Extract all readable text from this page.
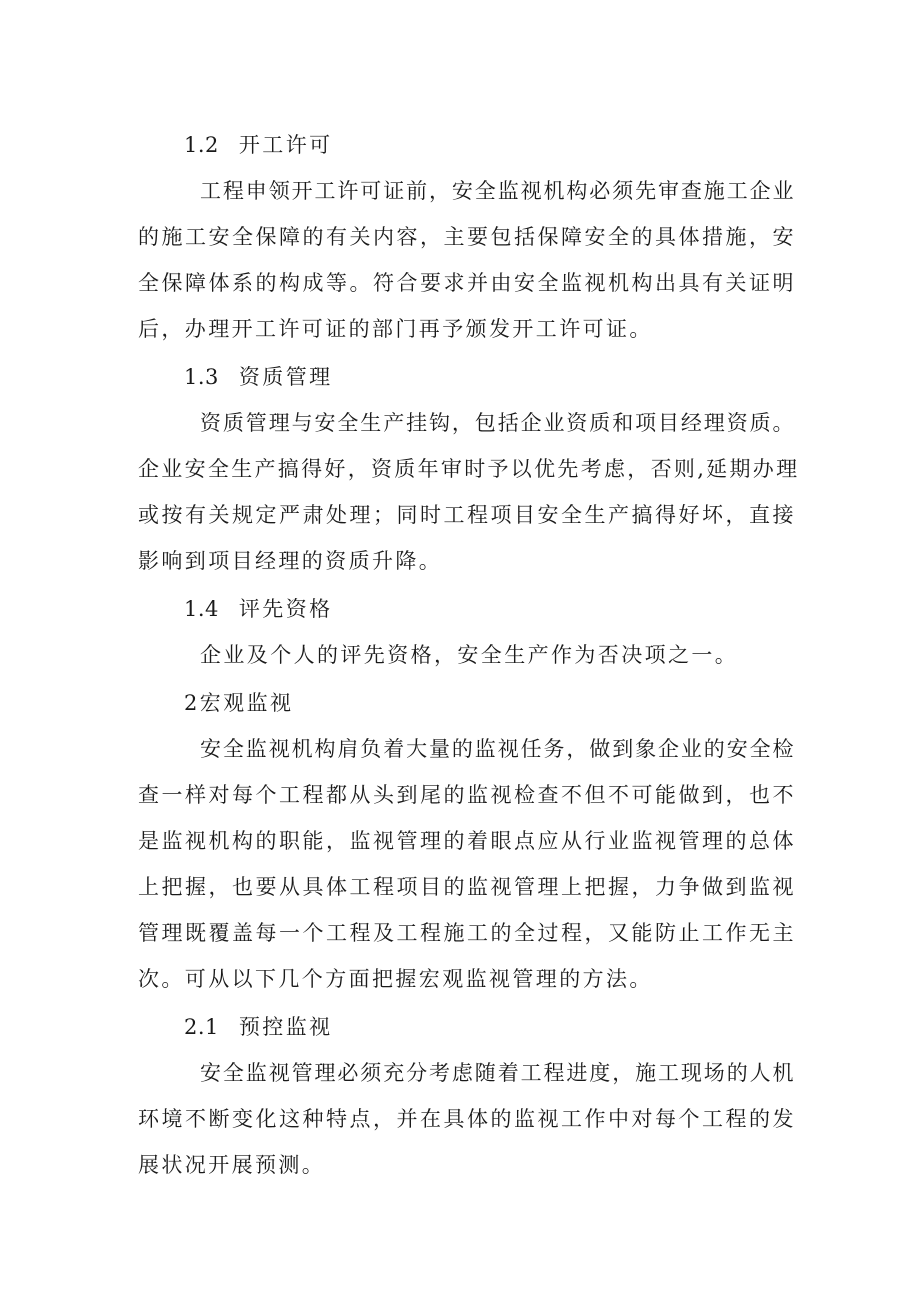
1.2 开工许可
工程申领开工许可证前，安全监视机构必须先审查施工企业
的施工安全保障的有关内容，主要包括保障安全的具体措施，安
全保障体系的构成等。符合要求并由安全监视机构出具有关证明
后，办理开工许可证的部门再予颁发开工许可证。
1.3 资质管理
资质管理与安全生产挂钩，包括企业资质和项目经理资质。
企业安全生产搞得好，资质年审时予以优先考虑，否则,延期办理
或按有关规定严肃处理；同时工程项目安全生产搞得好坏，直接
影响到项目经理的资质升降。
1.4 评先资格
企业及个人的评先资格，安全生产作为否决项之一。
2宏观监视
安全监视机构肩负着大量的监视任务，做到象企业的安全检
查一样对每个工程都从头到尾的监视检查不但不可能做到，也不
是监视机构的职能，监视管理的着眼点应从行业监视管理的总体
上把握，也要从具体工程项目的监视管理上把握，力争做到监视
管理既覆盖每一个工程及工程施工的全过程，又能防止工作无主
次。可从以下几个方面把握宏观监视管理的方法。
2.1 预控监视
安全监视管理必须充分考虑随着工程进度，施工现场的人机
环境不断变化这种特点，并在具体的监视工作中对每个工程的发
展状况开展预测。
